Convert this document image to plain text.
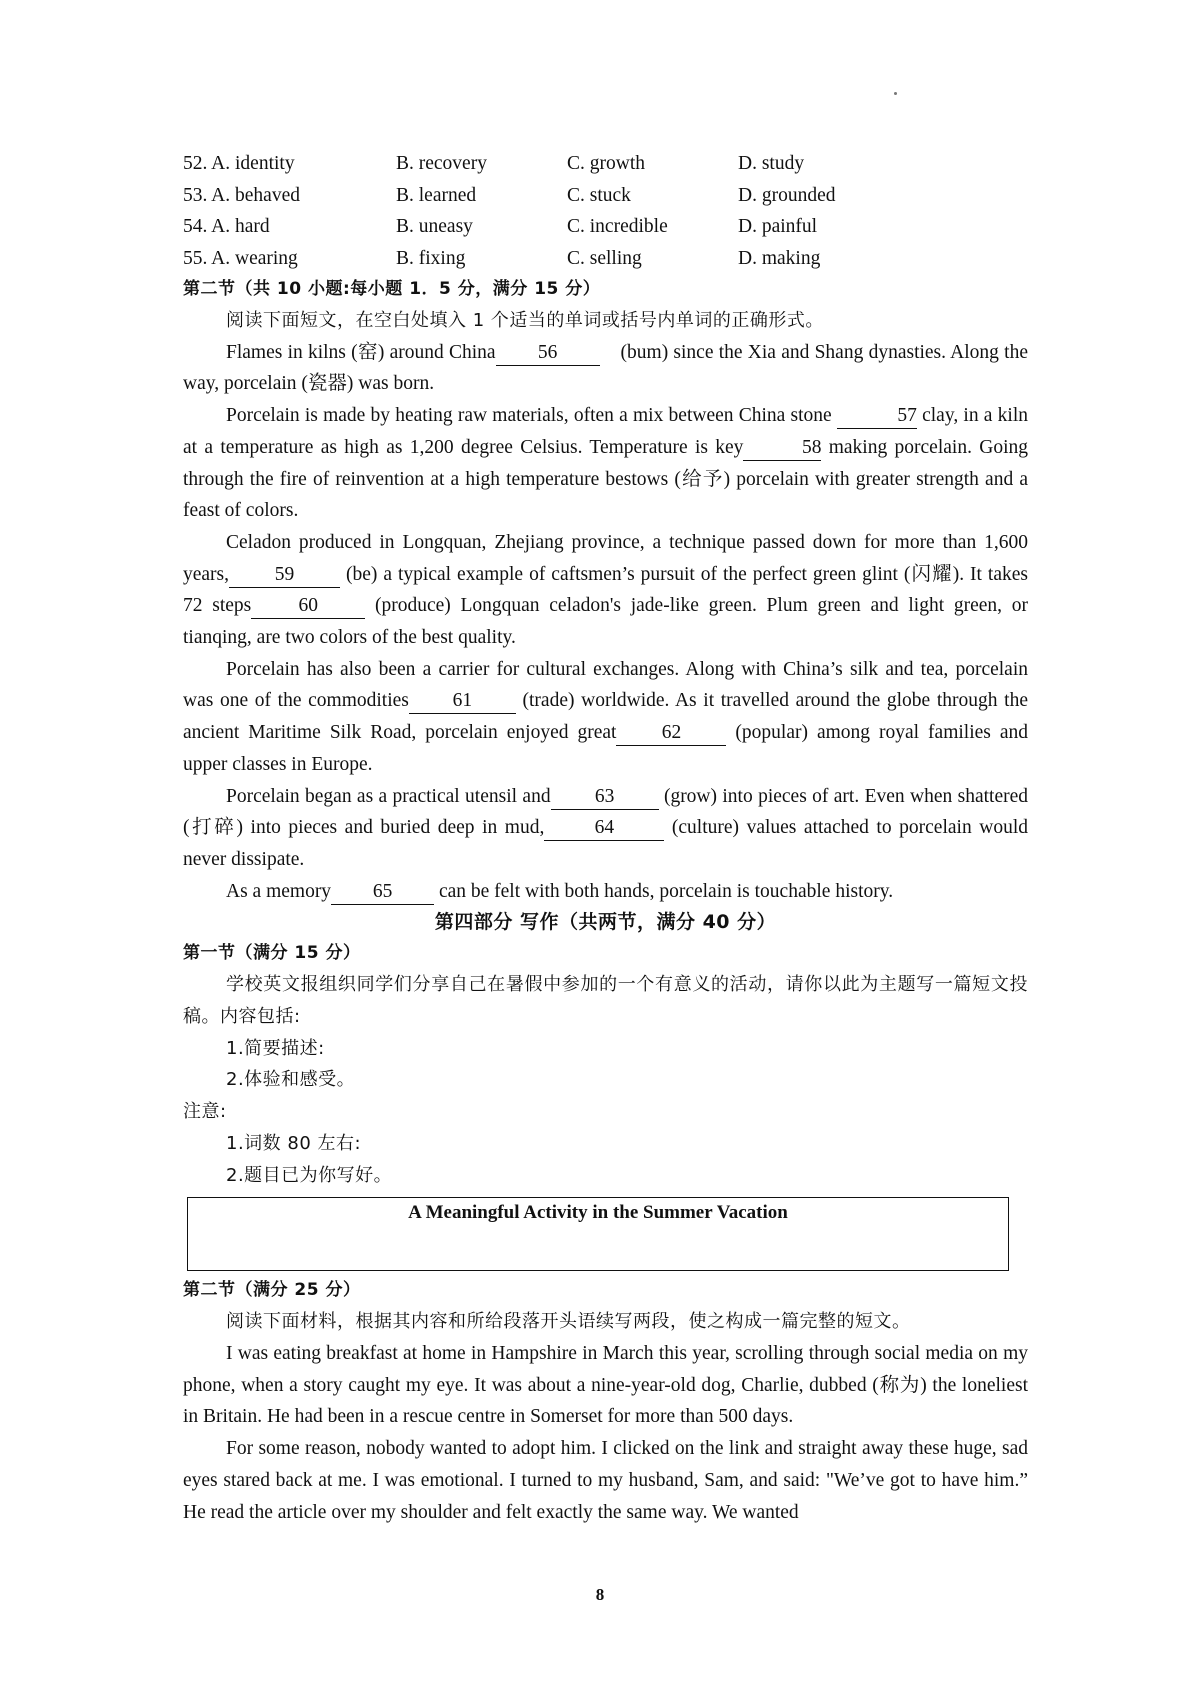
52. A. identity	B. recovery	C. growth	D. study
53. A. behaved	B. learned	C. stuck	D. grounded
54. A. hard	B. uneasy	C. incredible	D. painful
55. A. wearing	B. fixing	C. selling	D. making
第二节（共 10 小题:每小题 1．5 分，满分 15 分）

阅读下面短文，在空白处填入 1 个适当的单词或括号内单词的正确形式。

Flames in kilns (窑) around China 56	(bum) since the Xia and Shang dynasties. Along the way, porcelain (瓷器) was born.

Porcelain is made by heating raw materials, often a mix between China stone	57 clay, in a kiln at a temperature as high as 1,200 degree Celsius. Temperature is key	58 making porcelain. Going through the fire of reinvention at a high temperature bestows (给予) porcelain with greater strength and a feast of colors.

Celadon produced in Longquan, Zhejiang province, a technique passed down for more than 1,600 years, 59 (be) a typical example of caftsmen’s pursuit of the perfect green glint (闪耀). It takes 72 steps 60 (produce) Longquan celadon's jade-like green. Plum green and light green, or tianqing, are two colors of the best quality.

Porcelain has also been a carrier for cultural exchanges. Along with China’s silk and tea, porcelain was one of the commodities 61 (trade) worldwide. As it travelled around the globe through the ancient Maritime Silk Road, porcelain enjoyed great 62 (popular) among royal families and upper classes in Europe.

Porcelain began as a practical utensil and 63 (grow) into pieces of art. Even when shattered (打碎) into pieces and buried deep in mud,	64	(culture) values attached to porcelain would never dissipate.

As a memory 65 can be felt with both hands, porcelain is touchable history.

第四部分 写作（共两节，满分 40 分）
第一节（满分 15 分）

学校英文报组织同学们分享自己在暑假中参加的一个有意义的活动，请你以此为主题写一篇短文投稿。内容包括:

1.简要描述:

2.体验和感受。

注意:

1.词数 80 左右:

2.题目已为你写好。

A Meaningful Activity in the Summer Vacation
第二节（满分 25 分）

阅读下面材料，根据其内容和所给段落开头语续写两段，使之构成一篇完整的短文。

I was eating breakfast at home in Hampshire in March this year, scrolling through social media on my phone, when a story caught my eye. It was about a nine-year-old dog, Charlie, dubbed (称为) the loneliest in Britain. He had been in a rescue centre in Somerset for more than 500 days.

For some reason, nobody wanted to adopt him. I clicked on the link and straight away these huge, sad eyes stared back at me. I was emotional. I turned to my husband, Sam, and said: "We’ve got to have him.” He read the article over my shoulder and felt exactly the same way. We wanted

8
